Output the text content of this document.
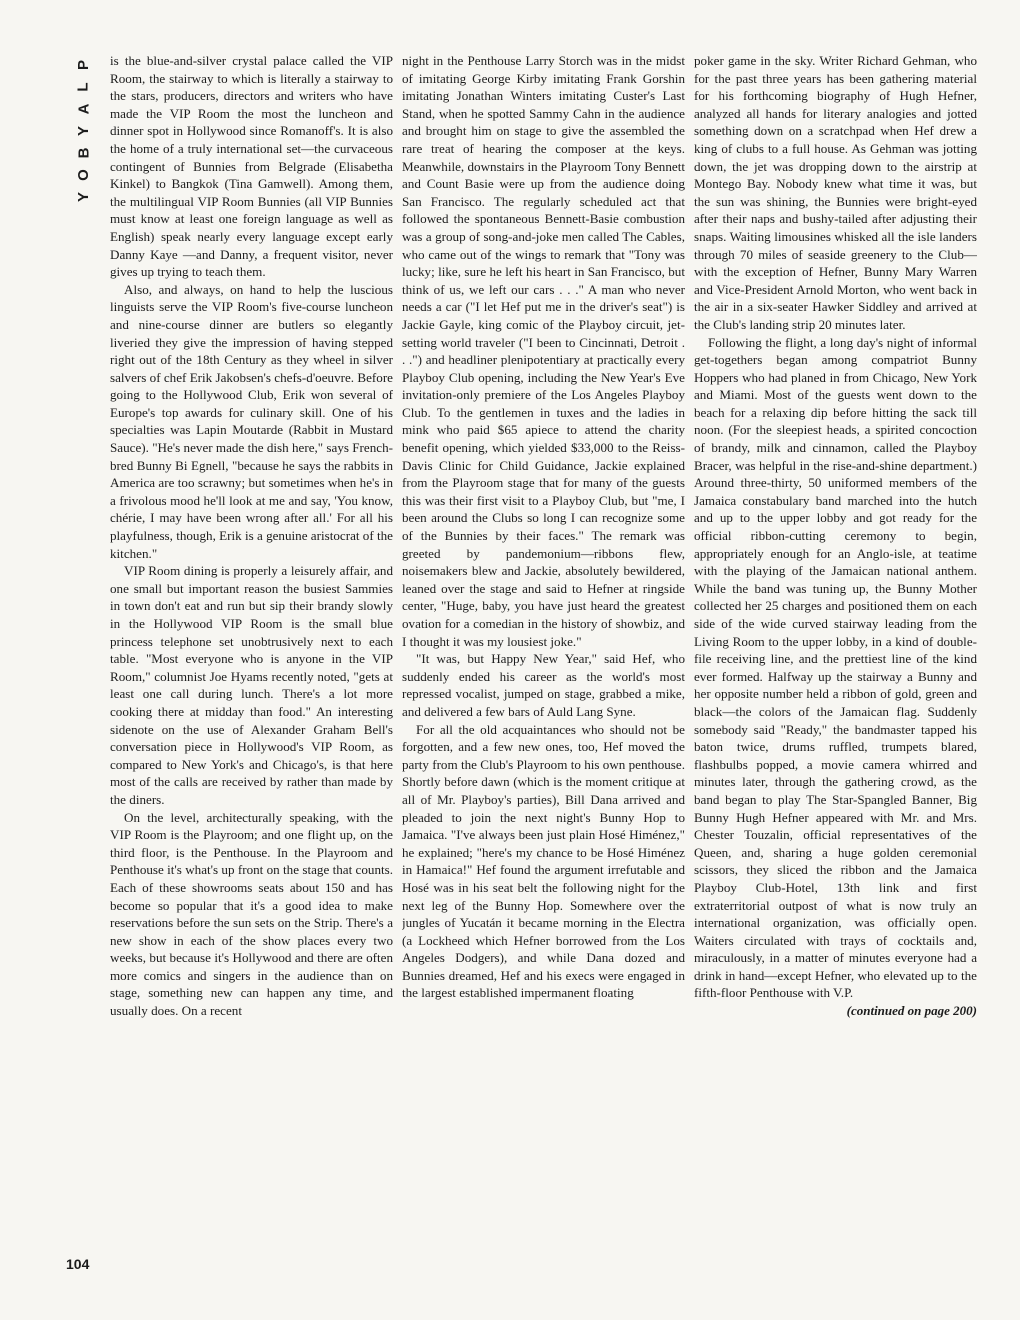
P
L
A
Y
B
O
Y

is the blue-and-silver crystal palace called the VIP Room, the stairway to which is literally a stairway to the stars, producers, directors and writers who have made the VIP Room the most the luncheon and dinner spot in Hollywood since Romanoff's. It is also the home of a truly international set—the curvaceous contingent of Bunnies from Belgrade (Elisabetha Kinkel) to Bangkok (Tina Gamwell). Among them, the multilingual VIP Room Bunnies (all VIP Bunnies must know at least one foreign language as well as English) speak nearly every language except early Danny Kaye —and Danny, a frequent visitor, never gives up trying to teach them.

Also, and always, on hand to help the luscious linguists serve the VIP Room's five-course luncheon and nine-course dinner are butlers so elegantly liveried they give the impression of having stepped right out of the 18th Century as they wheel in silver salvers of chef Erik Jakobsen's chefs-d'oeuvre. Before going to the Hollywood Club, Erik won several of Europe's top awards for culinary skill. One of his specialties was Lapin Moutarde (Rabbit in Mustard Sauce). "He's never made the dish here," says French-bred Bunny Bi Egnell, "because he says the rabbits in America are too scrawny; but sometimes when he's in a frivolous mood he'll look at me and say, 'You know, chérie, I may have been wrong after all.' For all his playfulness, though, Erik is a genuine aristocrat of the kitchen."

VIP Room dining is properly a leisurely affair, and one small but important reason the busiest Sammies in town don't eat and run but sip their brandy slowly in the Hollywood VIP Room is the small blue princess telephone set unobtrusively next to each table. "Most everyone who is anyone in the VIP Room," columnist Joe Hyams recently noted, "gets at least one call during lunch. There's a lot more cooking there at midday than food." An interesting sidenote on the use of Alexander Graham Bell's conversation piece in Hollywood's VIP Room, as compared to New York's and Chicago's, is that here most of the calls are received by rather than made by the diners.

On the level, architecturally speaking, with the VIP Room is the Playroom; and one flight up, on the third floor, is the Penthouse. In the Playroom and Penthouse it's what's up front on the stage that counts. Each of these showrooms seats about 150 and has become so popular that it's a good idea to make reservations before the sun sets on the Strip. There's a new show in each of the show places every two weeks, but because it's Hollywood and there are often more comics and singers in the audience than on stage, something new can happen any time, and usually does. On a recent

night in the Penthouse Larry Storch was in the midst of imitating George Kirby imitating Frank Gorshin imitating Jonathan Winters imitating Custer's Last Stand, when he spotted Sammy Cahn in the audience and brought him on stage to give the assembled the rare treat of hearing the composer at the keys. Meanwhile, downstairs in the Playroom Tony Bennett and Count Basie were up from the audience doing San Francisco. The regularly scheduled act that followed the spontaneous Bennett-Basie combustion was a group of song-and-joke men called The Cables, who came out of the wings to remark that "Tony was lucky; like, sure he left his heart in San Francisco, but think of us, we left our cars . . ." A man who never needs a car ("I let Hef put me in the driver's seat") is Jackie Gayle, king comic of the Playboy circuit, jet-setting world traveler ("I been to Cincinnati, Detroit . . .") and headliner plenipotentiary at practically every Playboy Club opening, including the New Year's Eve invitation-only premiere of the Los Angeles Playboy Club. To the gentlemen in tuxes and the ladies in mink who paid $65 apiece to attend the charity benefit opening, which yielded $33,000 to the Reiss-Davis Clinic for Child Guidance, Jackie explained from the Playroom stage that for many of the guests this was their first visit to a Playboy Club, but "me, I been around the Clubs so long I can recognize some of the Bunnies by their faces." The remark was greeted by pandemonium—ribbons flew, noisemakers blew and Jackie, absolutely bewildered, leaned over the stage and said to Hefner at ringside center, "Huge, baby, you have just heard the greatest ovation for a comedian in the history of showbiz, and I thought it was my lousiest joke."

"It was, but Happy New Year," said Hef, who suddenly ended his career as the world's most repressed vocalist, jumped on stage, grabbed a mike, and delivered a few bars of Auld Lang Syne.

For all the old acquaintances who should not be forgotten, and a few new ones, too, Hef moved the party from the Club's Playroom to his own penthouse. Shortly before dawn (which is the moment critique at all of Mr. Playboy's parties), Bill Dana arrived and pleaded to join the next night's Bunny Hop to Jamaica. "I've always been just plain Hosé Himénez," he explained; "here's my chance to be Hosé Himénez in Hamaica!" Hef found the argument irrefutable and Hosé was in his seat belt the following night for the next leg of the Bunny Hop. Somewhere over the jungles of Yucatán it became morning in the Electra (a Lockheed which Hefner borrowed from the Los Angeles Dodgers), and while Dana dozed and Bunnies dreamed, Hef and his execs were engaged in the largest established impermanent floating

poker game in the sky. Writer Richard Gehman, who for the past three years has been gathering material for his forthcoming biography of Hugh Hefner, analyzed all hands for literary analogies and jotted something down on a scratchpad when Hef drew a king of clubs to a full house. As Gehman was jotting down, the jet was dropping down to the airstrip at Montego Bay. Nobody knew what time it was, but the sun was shining, the Bunnies were bright-eyed after their naps and bushy-tailed after adjusting their snaps. Waiting limousines whisked all the isle landers through 70 miles of seaside greenery to the Club—with the exception of Hefner, Bunny Mary Warren and Vice-President Arnold Morton, who went back in the air in a six-seater Hawker Siddley and arrived at the Club's landing strip 20 minutes later.

Following the flight, a long day's night of informal get-togethers began among compatriot Bunny Hoppers who had planed in from Chicago, New York and Miami. Most of the guests went down to the beach for a relaxing dip before hitting the sack till noon. (For the sleepiest heads, a spirited concoction of brandy, milk and cinnamon, called the Playboy Bracer, was helpful in the rise-and-shine department.) Around three-thirty, 50 uniformed members of the Jamaica constabulary band marched into the hutch and up to the upper lobby and got ready for the official ribbon-cutting ceremony to begin, appropriately enough for an Anglo-isle, at teatime with the playing of the Jamaican national anthem. While the band was tuning up, the Bunny Mother collected her 25 charges and positioned them on each side of the wide curved stairway leading from the Living Room to the upper lobby, in a kind of double-file receiving line, and the prettiest line of the kind ever formed. Halfway up the stairway a Bunny and her opposite number held a ribbon of gold, green and black—the colors of the Jamaican flag. Suddenly somebody said "Ready," the bandmaster tapped his baton twice, drums ruffled, trumpets blared, flashbulbs popped, a movie camera whirred and minutes later, through the gathering crowd, as the band began to play The Star-Spangled Banner, Big Bunny Hugh Hefner appeared with Mr. and Mrs. Chester Touzalin, official representatives of the Queen, and, sharing a huge golden ceremonial scissors, they sliced the ribbon and the Jamaica Playboy Club-Hotel, 13th link and first extraterritorial outpost of what is now truly an international organization, was officially open. Waiters circulated with trays of cocktails and, miraculously, in a matter of minutes everyone had a drink in hand—except Hefner, who elevated up to the fifth-floor Penthouse with V.P.

(continued on page 200)

104
